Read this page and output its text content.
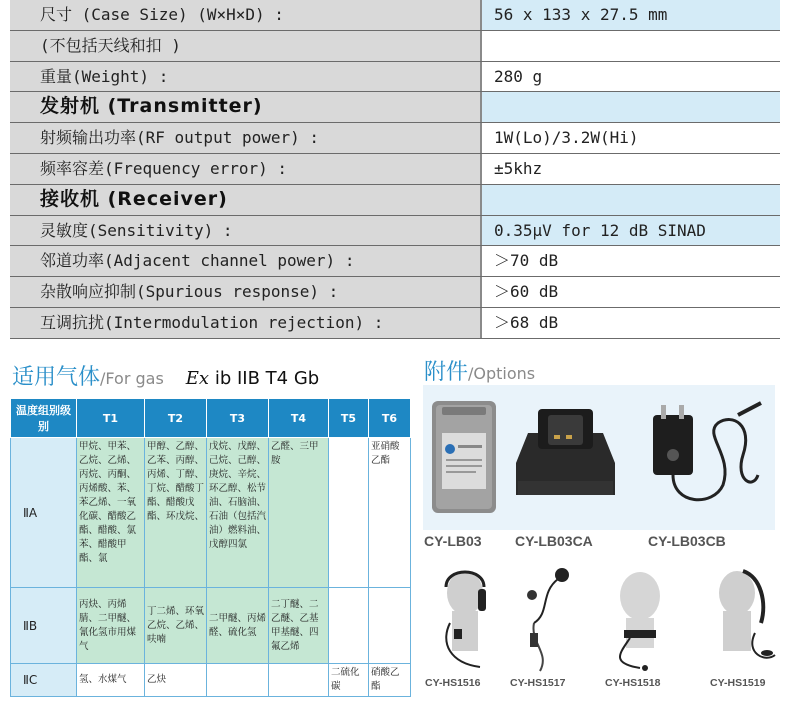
尺寸 (Case Size) (W×H×D) :	56 x 133 x 27.5 mm
(不包括天线和扣 )
重量(Weight) :	280 g
发射机 (Transmitter)
射频输出功率(RF output power) :	1W(Lo)/3.2W(Hi)
频率容差(Frequency error) :	±5khz
接收机 (Receiver)
灵敏度(Sensitivity) :	0.35μV for 12 dB SINAD
邻道功率(Adjacent channel power) :	＞70 dB
杂散响应抑制(Spurious response) :	＞60 dB
互调抗扰(Intermodulation rejection) :	＞68 dB
适用气体/For gas Ex ib IIB T4 Gb
温度组别级别	T1	T2	T3	T4	T5	T6
ⅡA	甲烷、甲苯、乙烷、乙烯、丙烷、丙酮、丙烯酸、苯、苯乙烯、一氧化碳、醋酸乙酯、醋酸、氯苯、醋酸甲酯、氯	甲醇、乙醇、乙苯、丙醇、丙烯、丁醇、丁烷、醋酸丁酯、醋酸戊酯、环戊烷、	戊烷、戊醇、己烷、己醇、庚烷、辛烷、环乙醇、松节油、石脑油、石油（包括汽油）燃料油、戊醇四氯	乙醛、三甲胺		亚硝酸乙酯
ⅡB	丙炔、丙烯腈、二甲醚、氰化氢市用煤气	丁二烯、环氧乙烷、乙烯、呋喃	二甲醚、丙烯醛、硫化氢	二丁醚、二乙醚、乙基甲基醚、四氟乙烯		
ⅡC	氢、水煤气	乙炔			二硫化碳	硝酸乙酯
附件/Options
CY-LB03 CY-LB03CA	CY-LB03CB
CY-HS1516	CY-HS1517	CY-HS1518	CY-HS1519
